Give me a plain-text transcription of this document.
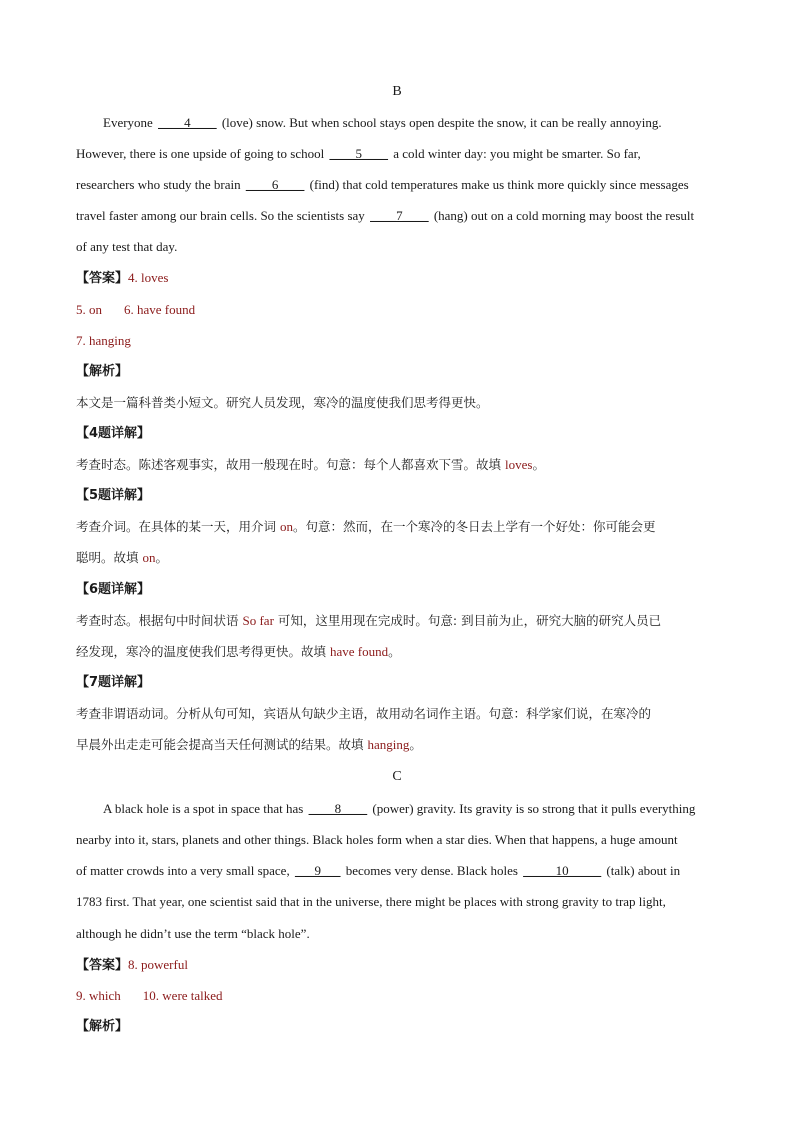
B
Everyone ____4____ (love) snow. But when school stays open despite the snow, it can be really annoying.
However, there is one upside of going to school ____5____ a cold winter day: you might be smarter. So far,
researchers who study the brain ____6____ (find) that cold temperatures make us think more quickly since messages
travel faster among our brain cells. So the scientists say ____7____ (hang) out on a cold morning may boost the result
of any test that day.
【答案】4. loves
5. on 6. have found
7. hanging
【解析】
本文是一篇科普类小短文。研究人员发现，寒冷的温度使我们思考得更快。
【4题详解】
考查时态。陈述客观事实，故用一般现在时。句意：每个人都喜欢下雪。故填 loves。
【5题详解】
考查介词。在具体的某一天，用介词 on。句意：然而，在一个寒冷的冬日去上学有一个好处：你可能会更
聪明。故填 on。
【6题详解】
考查时态。根据句中时间状语 So far 可知，这里用现在完成时。句意: 到目前为止，研究大脑的研究人员已
经发现，寒冷的温度使我们思考得更快。故填 have found。
【7题详解】
考查非谓语动词。分析从句可知，宾语从句缺少主语，故用动名词作主语。句意：科学家们说，在寒冷的
早晨外出走走可能会提高当天任何测试的结果。故填 hanging。
C
A black hole is a spot in space that has ____8____ (power) gravity. Its gravity is so strong that it pulls everything
nearby into it, stars, planets and other things. Black holes form when a star dies. When that happens, a huge amount
of matter crowds into a very small space, ___9___ becomes very dense. Black holes _____10_____ (talk) about in
1783 first. That year, one scientist said that in the universe, there might be places with strong gravity to trap light,
although he didn’t use the term “black hole”.
【答案】8. powerful
9. which 10. were talked
【解析】
